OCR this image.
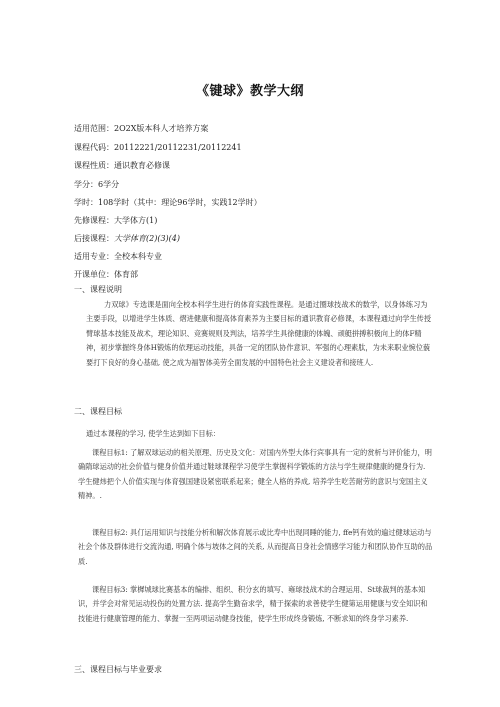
《键球》教学大纲
适用范围：2O2X版本科人才培养方案
课程代码：20112221/20112231/20112241
课程性质：通识教育必修课
学分：6学分
学时：108学时（其中：理论96学时，实践12学时）
先修课程：大学体方(1)
后接课程：大学体育(2)(3)(4)
适用专业：全校本科专业
开课单位：体育部
一、课程说明
力双球》专选课是面向全校本科学生进行的体育实践性课程。是通过圈球技战术的数学，以身体练习为主要手段，以增进学生体质、熠进健康和提高体育素养为主要目标的通识教育必修课，本课程通过向学生传授臂球基本技能及战术，理论知识、竞赛规则及判法，培养学生具徐健康的体魄、顽艇拼搏积极向上的体F精神，初步掌握终身体H锻炼的依理运动技能，具备一定的团队协作意识、军强的心理素肽，为未来职业惋位藐要打下良好的身心基础, 使之成为福智体美劳全面发展的中国特色社会主义建设者和接班人.
二、课程目标
通过本课程的学习, 使学生达到如下目标：
课程目标1: 了解双球运动的相关原理、历史及文化：对国内外型大体行宾事具有一定的赏析与评价能力，明确隋球运动的社会价值与健身价值并通过鞋球课程学习使学生掌握科学锻炼的方法与学生规律健康的健身行为. 学生健炜把个人价值实现与体育强国建设紧密联系起来；健全人格的养成, 培养学生吃苦耐劳的意识与宠国主义精神。.
课程目标2: 具仃运用知识与技能分析和解次体育展示或比寿中出现同睡的能力, ffe钙有效的遍过健球运动与社会个体及群体进行交流沟通, 明确个体与坡体之间的关系, 从而提高日身社会情感学习能力和团队协作互助的品质.
课程目标3: 掌樨城球比赛基本的编排、组织、积分玄的填写、雍球技战术的合理运用、St球裁判的基本知识，并学会对常见运动投伤的处置方法. 提高学生勤奋求学，精于探索的求善使学生健第运用健康与安全知识和技能进行健康管理的能力、掌握一至两项运动健身技能，使学生形成终身锻炼, 不断求知的终身学习素养.
三、课程目标与毕业要求
